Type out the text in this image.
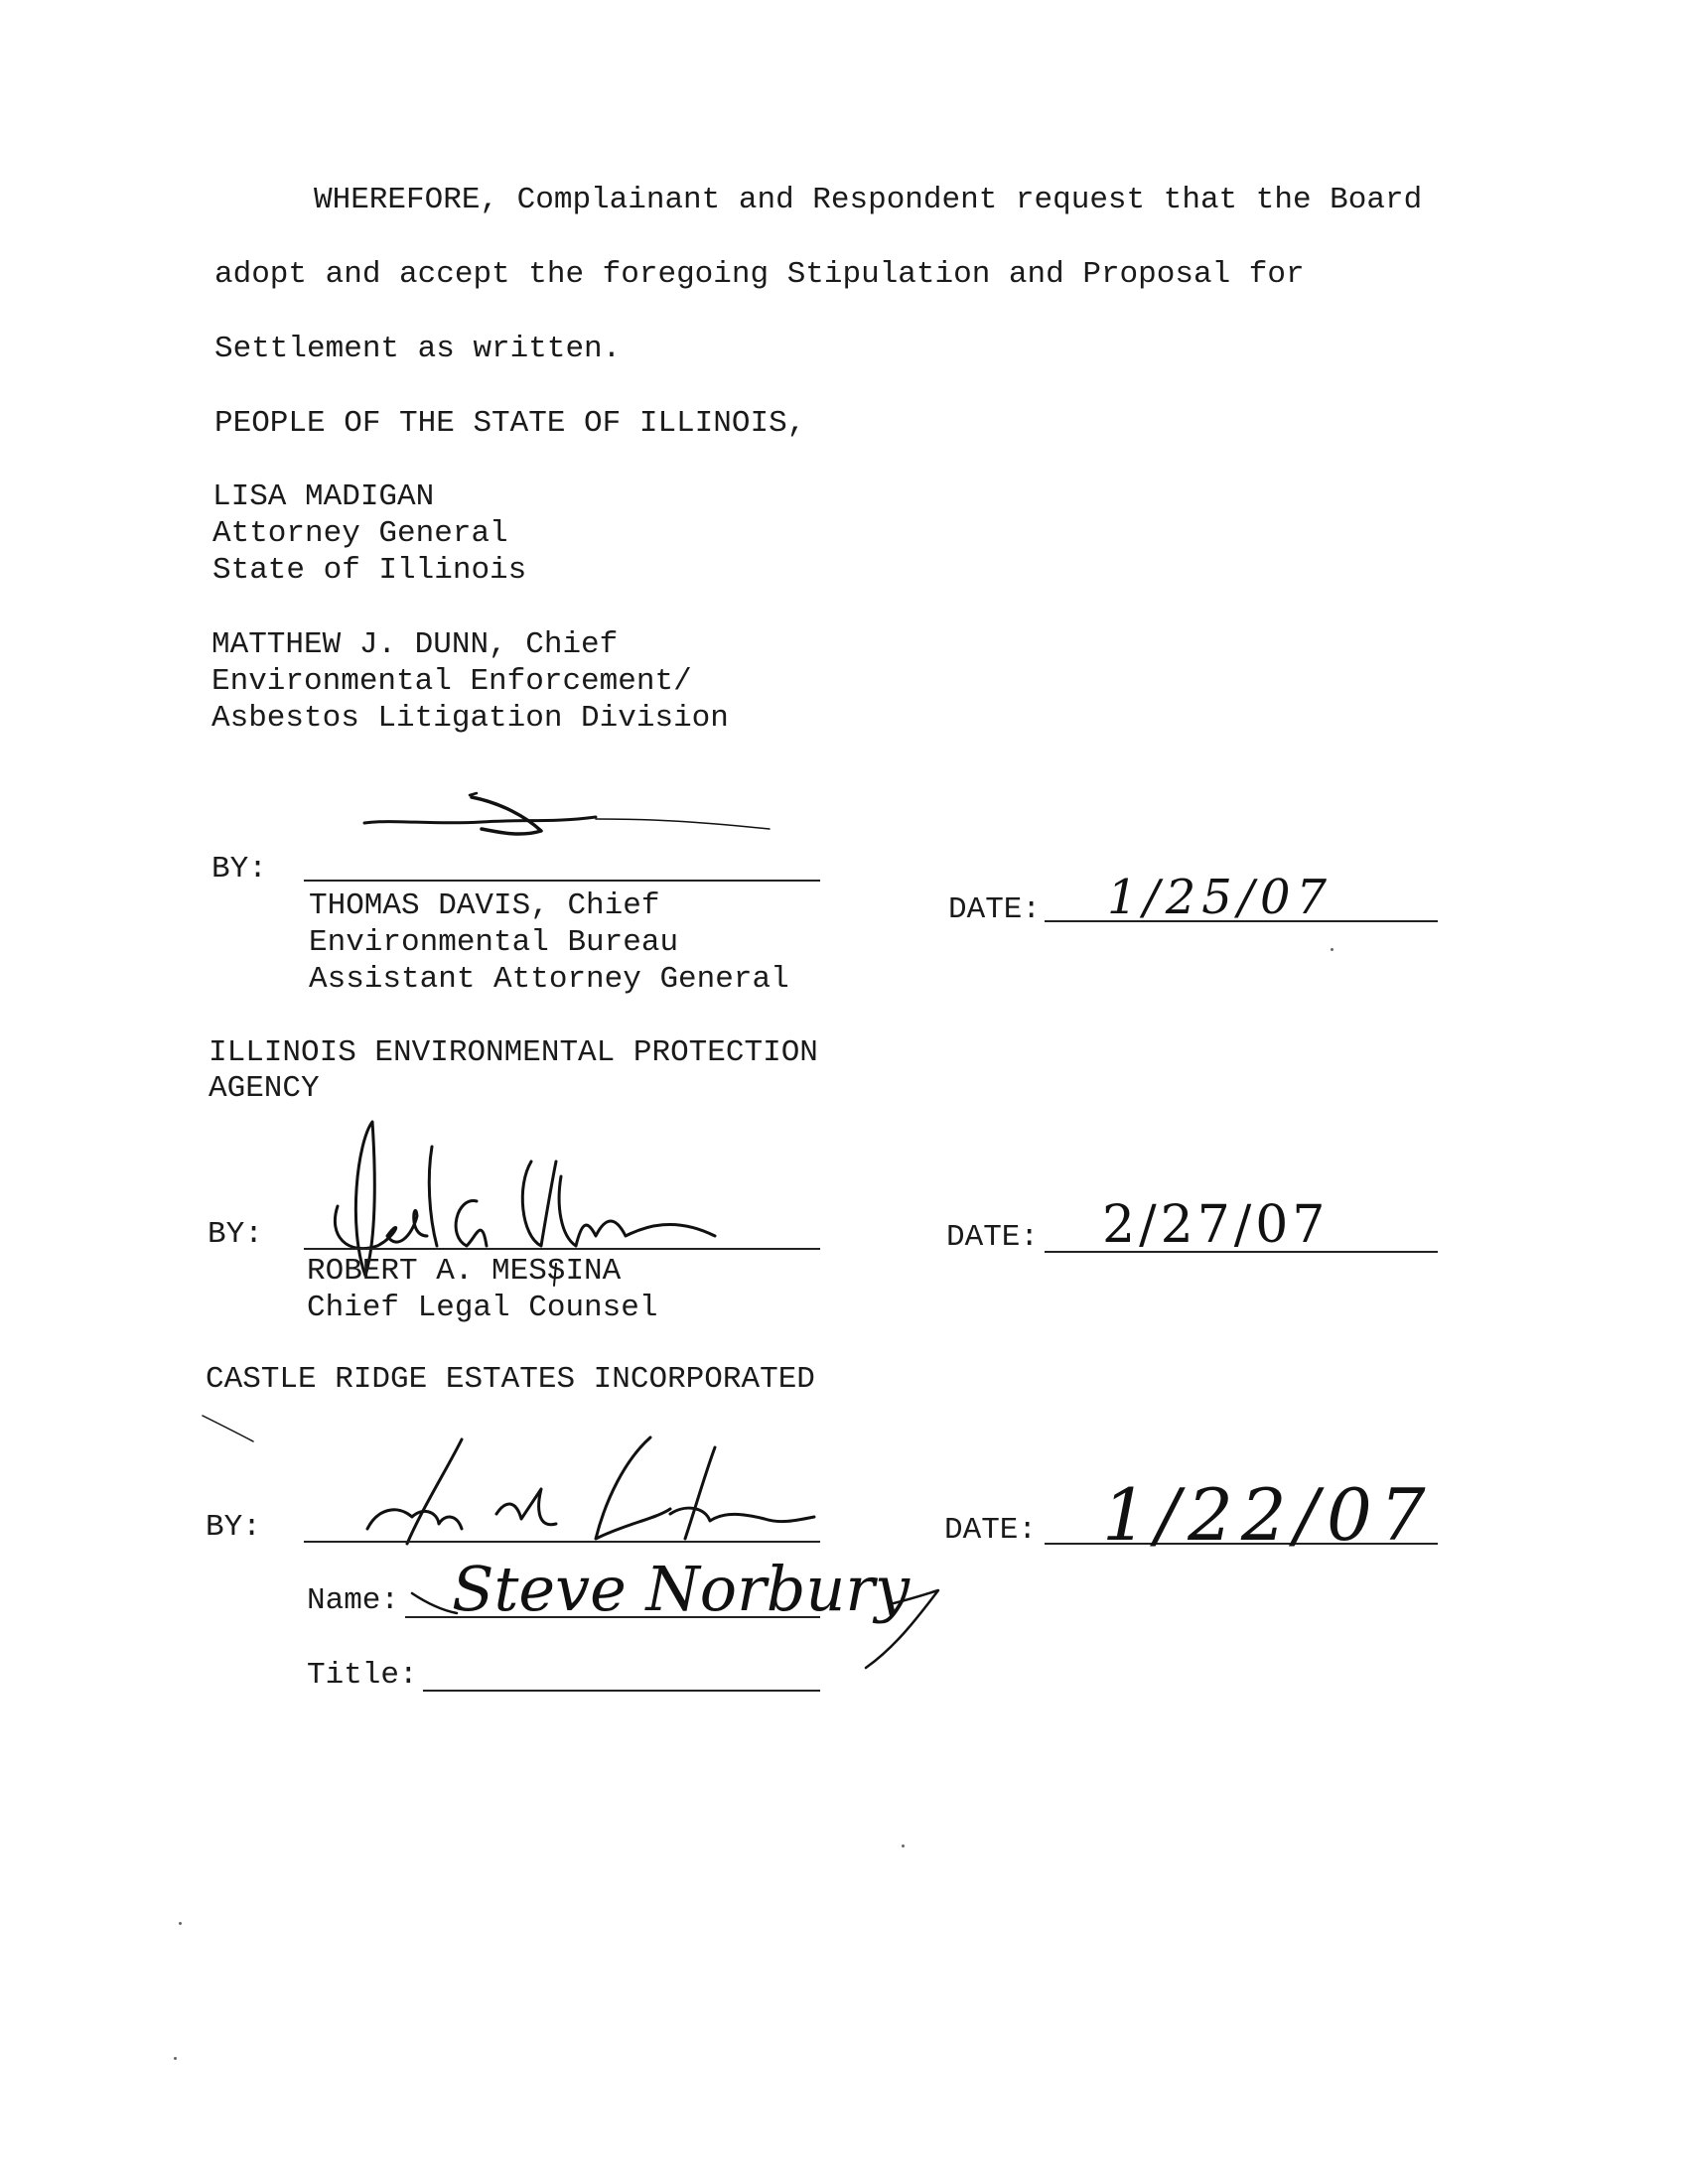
WHEREFORE, Complainant and Respondent request that the Board
adopt and accept the foregoing Stipulation and Proposal for
Settlement as written.
PEOPLE OF THE STATE OF ILLINOIS,
LISA MADIGAN
Attorney General
State of Illinois
MATTHEW J. DUNN, Chief
Environmental Enforcement/
Asbestos Litigation Division
BY:
THOMAS DAVIS, Chief
Environmental Bureau
Assistant Attorney General
DATE: 1/25/07
ILLINOIS ENVIRONMENTAL PROTECTION
AGENCY
BY:
ROBERT A. MESSINA
Chief Legal Counsel
DATE: 2/27/07
CASTLE RIDGE ESTATES INCORPORATED
BY:
Name: Steve Norbury
Title:
DATE: 1/22/07
